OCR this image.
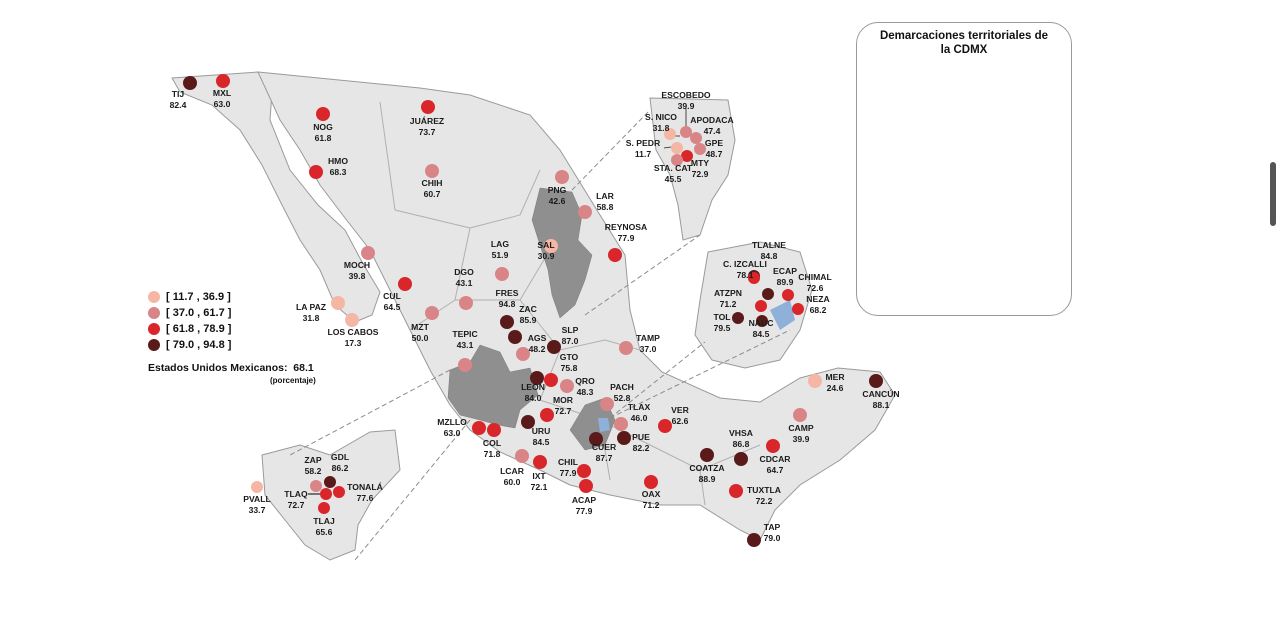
TIJ
82.4
MXL
63.0
NOG
61.8
JUÁREZ
73.7
HMO
68.3
CHIH
60.7
MOCH
39.8
CUL
64.5
LA PAZ
31.8
LOS CABOS
17.3
MZT
50.0
DGO
43.1
LAG
51.9
SAL
30.9
PNG
42.6	LAR
58.8
REYNOSA
77.9
FRES
94.8 ZAC
85.9
AGS
48.2
SLP
87.0
TEPIC
43.1
TAMP
37.0
GTO
75.8
LEON
84.0
QRO
48.3 PACH
52.8
MOR
72.7	TLAX
46.0
MZLLO
63.0
COL
71.8
URU
84.5
VER
62.6
CUER
87.7
PUE
82.2
LCAR
60.0
IXT
72.1
CHIL
77.9
ACAP
77.9
OAX
71.2
COATZA
88.9
VHSA
86.8
CDCAR
64.7
TUXTLA
72.2
TAP
79.0
CAMP
39.9
MER
24.6
CANCÚN
88.1
ESCOBEDO
39.9
S. NICO
31.8
APODACA
47.4
S. PEDR
11.7
GPE
48.7
MTY
72.9
STA. CAT
45.5
TLALNE
84.8
C. IZCALLI
78.1 ECAP
89.9 CHIMAL
72.6
ATZPN
71.2	NEZA
68.2
TOL
79.5 NAUC
84.5
ZAP
58.2
GDL
86.2
TONALÁ
77.6
PVALL
33.7
TLAQ
72.7
TLAJ
65.6
Demarcaciones territoriales de
la CDMX
[ 11.7 , 36.9 ]
[ 37.0 , 61.7 ]
[ 61.8 , 78.9 ]
[ 79.0 , 94.8 ]
Estados Unidos Mexicanos: 68.1
(porcentaje)
